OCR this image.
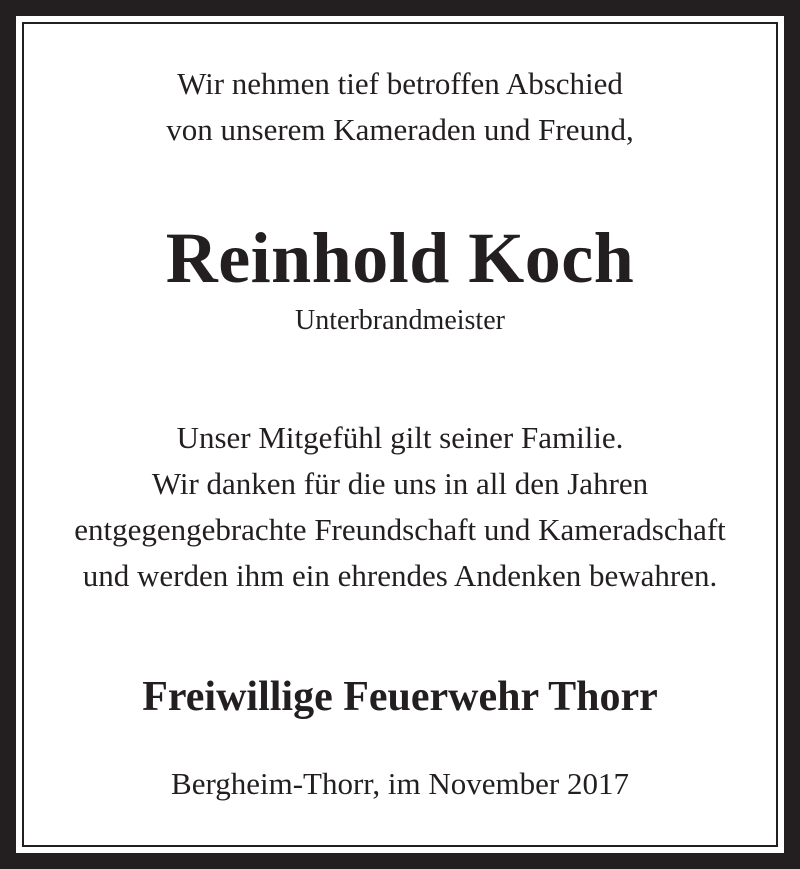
Wir nehmen tief betroffen Abschied

von unserem Kameraden und Freund,

Reinhold Koch

Unterbrandmeister

Unser Mitgefühl gilt seiner Familie.

Wir danken für die uns in all den Jahren

entgegengebrachte Freundschaft und Kameradschaft

und werden ihm ein ehrendes Andenken bewahren.

Freiwillige Feuerwehr Thorr

Bergheim-Thorr, im November 2017
